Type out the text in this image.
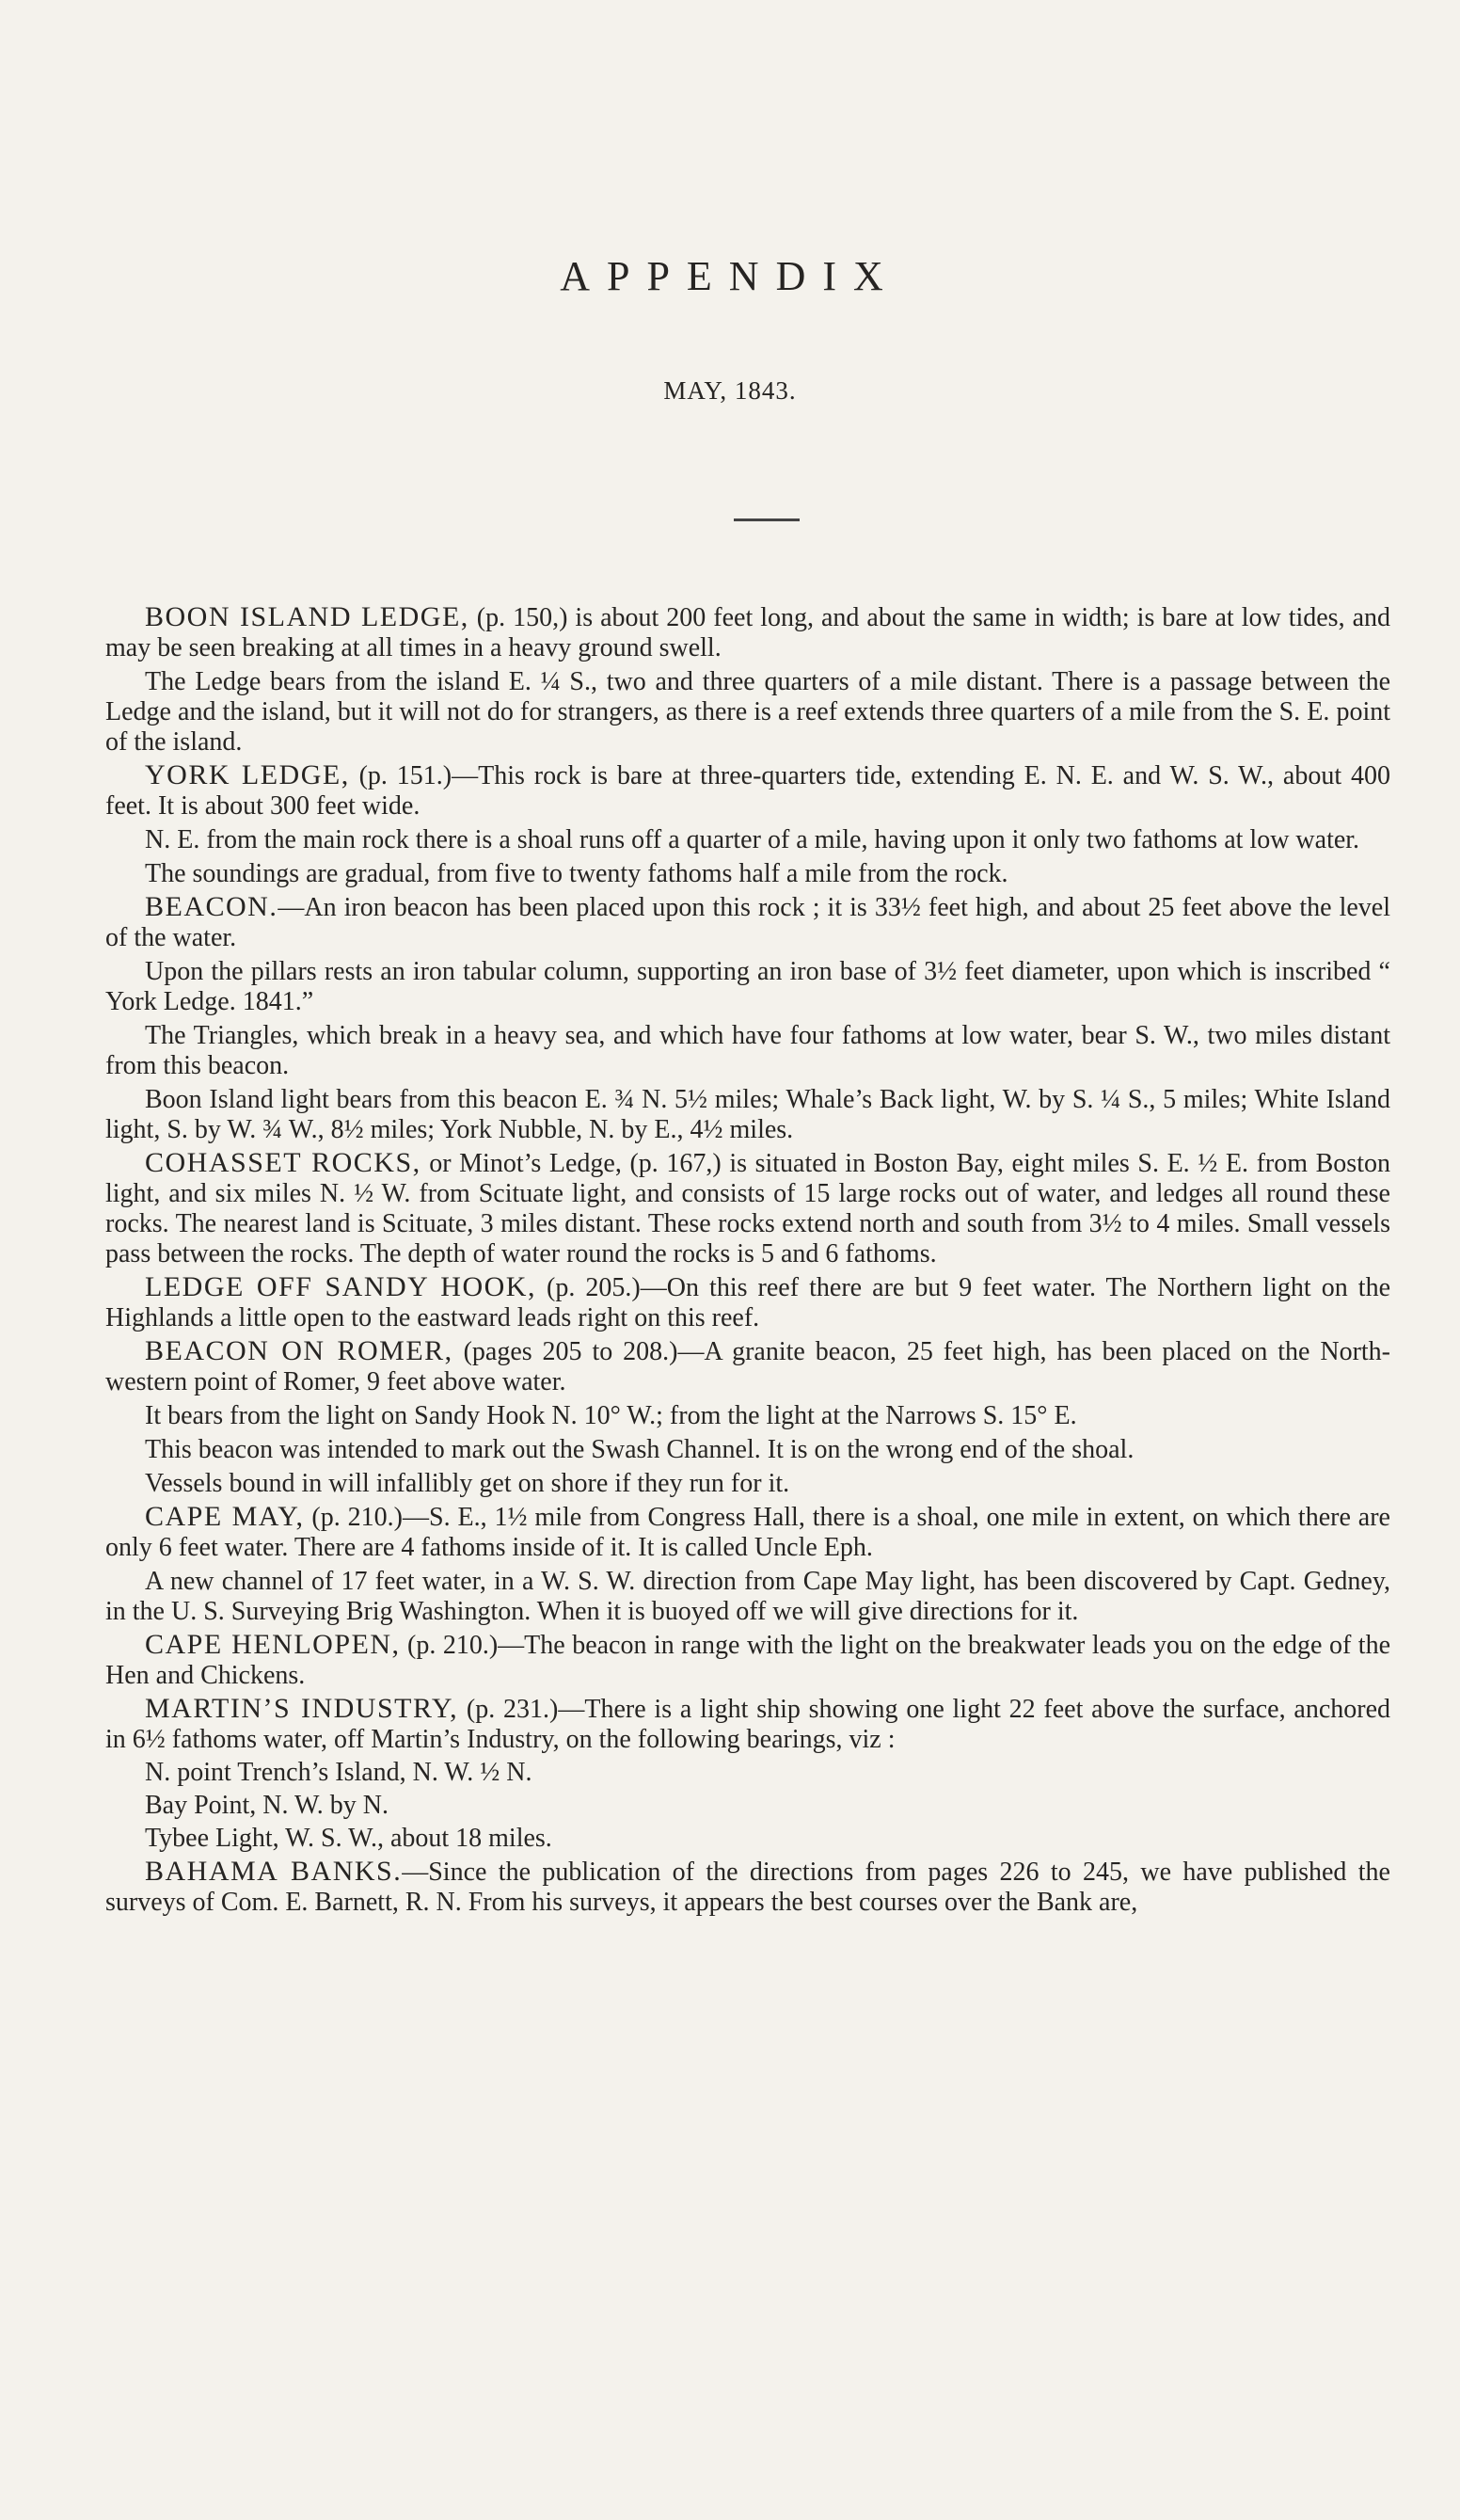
APPENDIX
MAY, 1843.

BOON ISLAND LEDGE, (p. 150,) is about 200 feet long, and about the same in width; is bare at low tides, and may be seen breaking at all times in a heavy ground swell.

The Ledge bears from the island E. ¼ S., two and three quarters of a mile distant. There is a passage between the Ledge and the island, but it will not do for strangers, as there is a reef extends three quarters of a mile from the S. E. point of the island.

YORK LEDGE, (p. 151.)—This rock is bare at three-quarters tide, extending E. N. E. and W. S. W., about 400 feet. It is about 300 feet wide.

N. E. from the main rock there is a shoal runs off a quarter of a mile, having upon it only two fathoms at low water.

The soundings are gradual, from five to twenty fathoms half a mile from the rock.

BEACON.—An iron beacon has been placed upon this rock ; it is 33½ feet high, and about 25 feet above the level of the water.

Upon the pillars rests an iron tabular column, supporting an iron base of 3½ feet diameter, upon which is inscribed “ York Ledge. 1841.”

The Triangles, which break in a heavy sea, and which have four fathoms at low water, bear S. W., two miles distant from this beacon.

Boon Island light bears from this beacon E. ¾ N. 5½ miles; Whale’s Back light, W. by S. ¼ S., 5 miles; White Island light, S. by W. ¾ W., 8½ miles; York Nubble, N. by E., 4½ miles.

COHASSET ROCKS, or Minot’s Ledge, (p. 167,) is situated in Boston Bay, eight miles S. E. ½ E. from Boston light, and six miles N. ½ W. from Scituate light, and consists of 15 large rocks out of water, and ledges all round these rocks. The nearest land is Scituate, 3 miles distant. These rocks extend north and south from 3½ to 4 miles. Small vessels pass between the rocks. The depth of water round the rocks is 5 and 6 fathoms.

LEDGE OFF SANDY HOOK, (p. 205.)—On this reef there are but 9 feet water. The Northern light on the Highlands a little open to the eastward leads right on this reef.

BEACON ON ROMER, (pages 205 to 208.)—A granite beacon, 25 feet high, has been placed on the North-western point of Romer, 9 feet above water.

It bears from the light on Sandy Hook N. 10° W.; from the light at the Narrows S. 15° E.

This beacon was intended to mark out the Swash Channel. It is on the wrong end of the shoal.

Vessels bound in will infallibly get on shore if they run for it.

CAPE MAY, (p. 210.)—S. E., 1½ mile from Congress Hall, there is a shoal, one mile in extent, on which there are only 6 feet water. There are 4 fathoms inside of it. It is called Uncle Eph.

A new channel of 17 feet water, in a W. S. W. direction from Cape May light, has been discovered by Capt. Gedney, in the U. S. Surveying Brig Washington. When it is buoyed off we will give directions for it.

CAPE HENLOPEN, (p. 210.)—The beacon in range with the light on the breakwater leads you on the edge of the Hen and Chickens.

MARTIN’S INDUSTRY, (p. 231.)—There is a light ship showing one light 22 feet above the surface, anchored in 6½ fathoms water, off Martin’s Industry, on the following bearings, viz :

N. point Trench’s Island, N. W. ½ N.

Bay Point, N. W. by N.

Tybee Light, W. S. W., about 18 miles.

BAHAMA BANKS.—Since the publication of the directions from pages 226 to 245, we have published the surveys of Com. E. Barnett, R. N. From his surveys, it appears the best courses over the Bank are,
